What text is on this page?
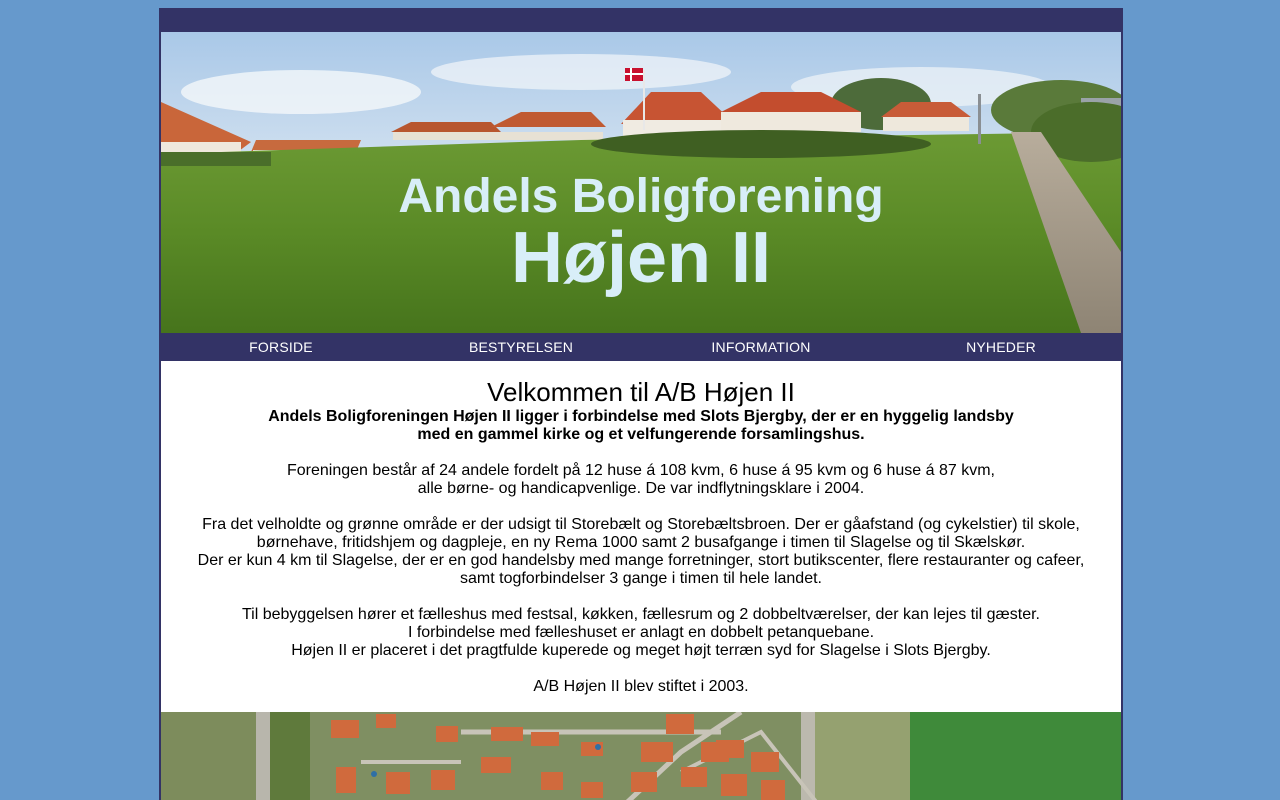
Andels Boligforening
Højen II
FORSIDE	BESTYRELSEN	INFORMATION	NYHEDER
Velkommen til A/B Højen II
Andels Boligforeningen Højen II ligger i forbindelse med Slots Bjergby, der er en hyggelig landsby
med en gammel kirke og et velfungerende forsamlingshus.
Foreningen består af 24 andele fordelt på 12 huse á 108 kvm, 6 huse á 95 kvm og 6 huse á 87 kvm,
alle børne- og handicapvenlige. De var indflytningsklare i 2004.
Fra det velholdte og grønne område er der udsigt til Storebælt og Storebæltsbroen. Der er gåafstand (og cykelstier) til skole,
børnehave, fritidshjem og dagpleje, en ny Rema 1000 samt 2 busafgange i timen til Slagelse og til Skælskør.
Der er kun 4 km til Slagelse, der er en god handelsby med mange forretninger, stort butikscenter, flere restauranter og cafeer,
samt togforbindelser 3 gange i timen til hele landet.
Til bebyggelsen hører et fælleshus med festsal, køkken, fællesrum og 2 dobbeltværelser, der kan lejes til gæster.
I forbindelse med fælleshuset er anlagt en dobbelt petanquebane.
Højen II er placeret i det pragtfulde kuperede og meget højt terræn syd for Slagelse i Slots Bjergby.
A/B Højen II blev stiftet i 2003.
